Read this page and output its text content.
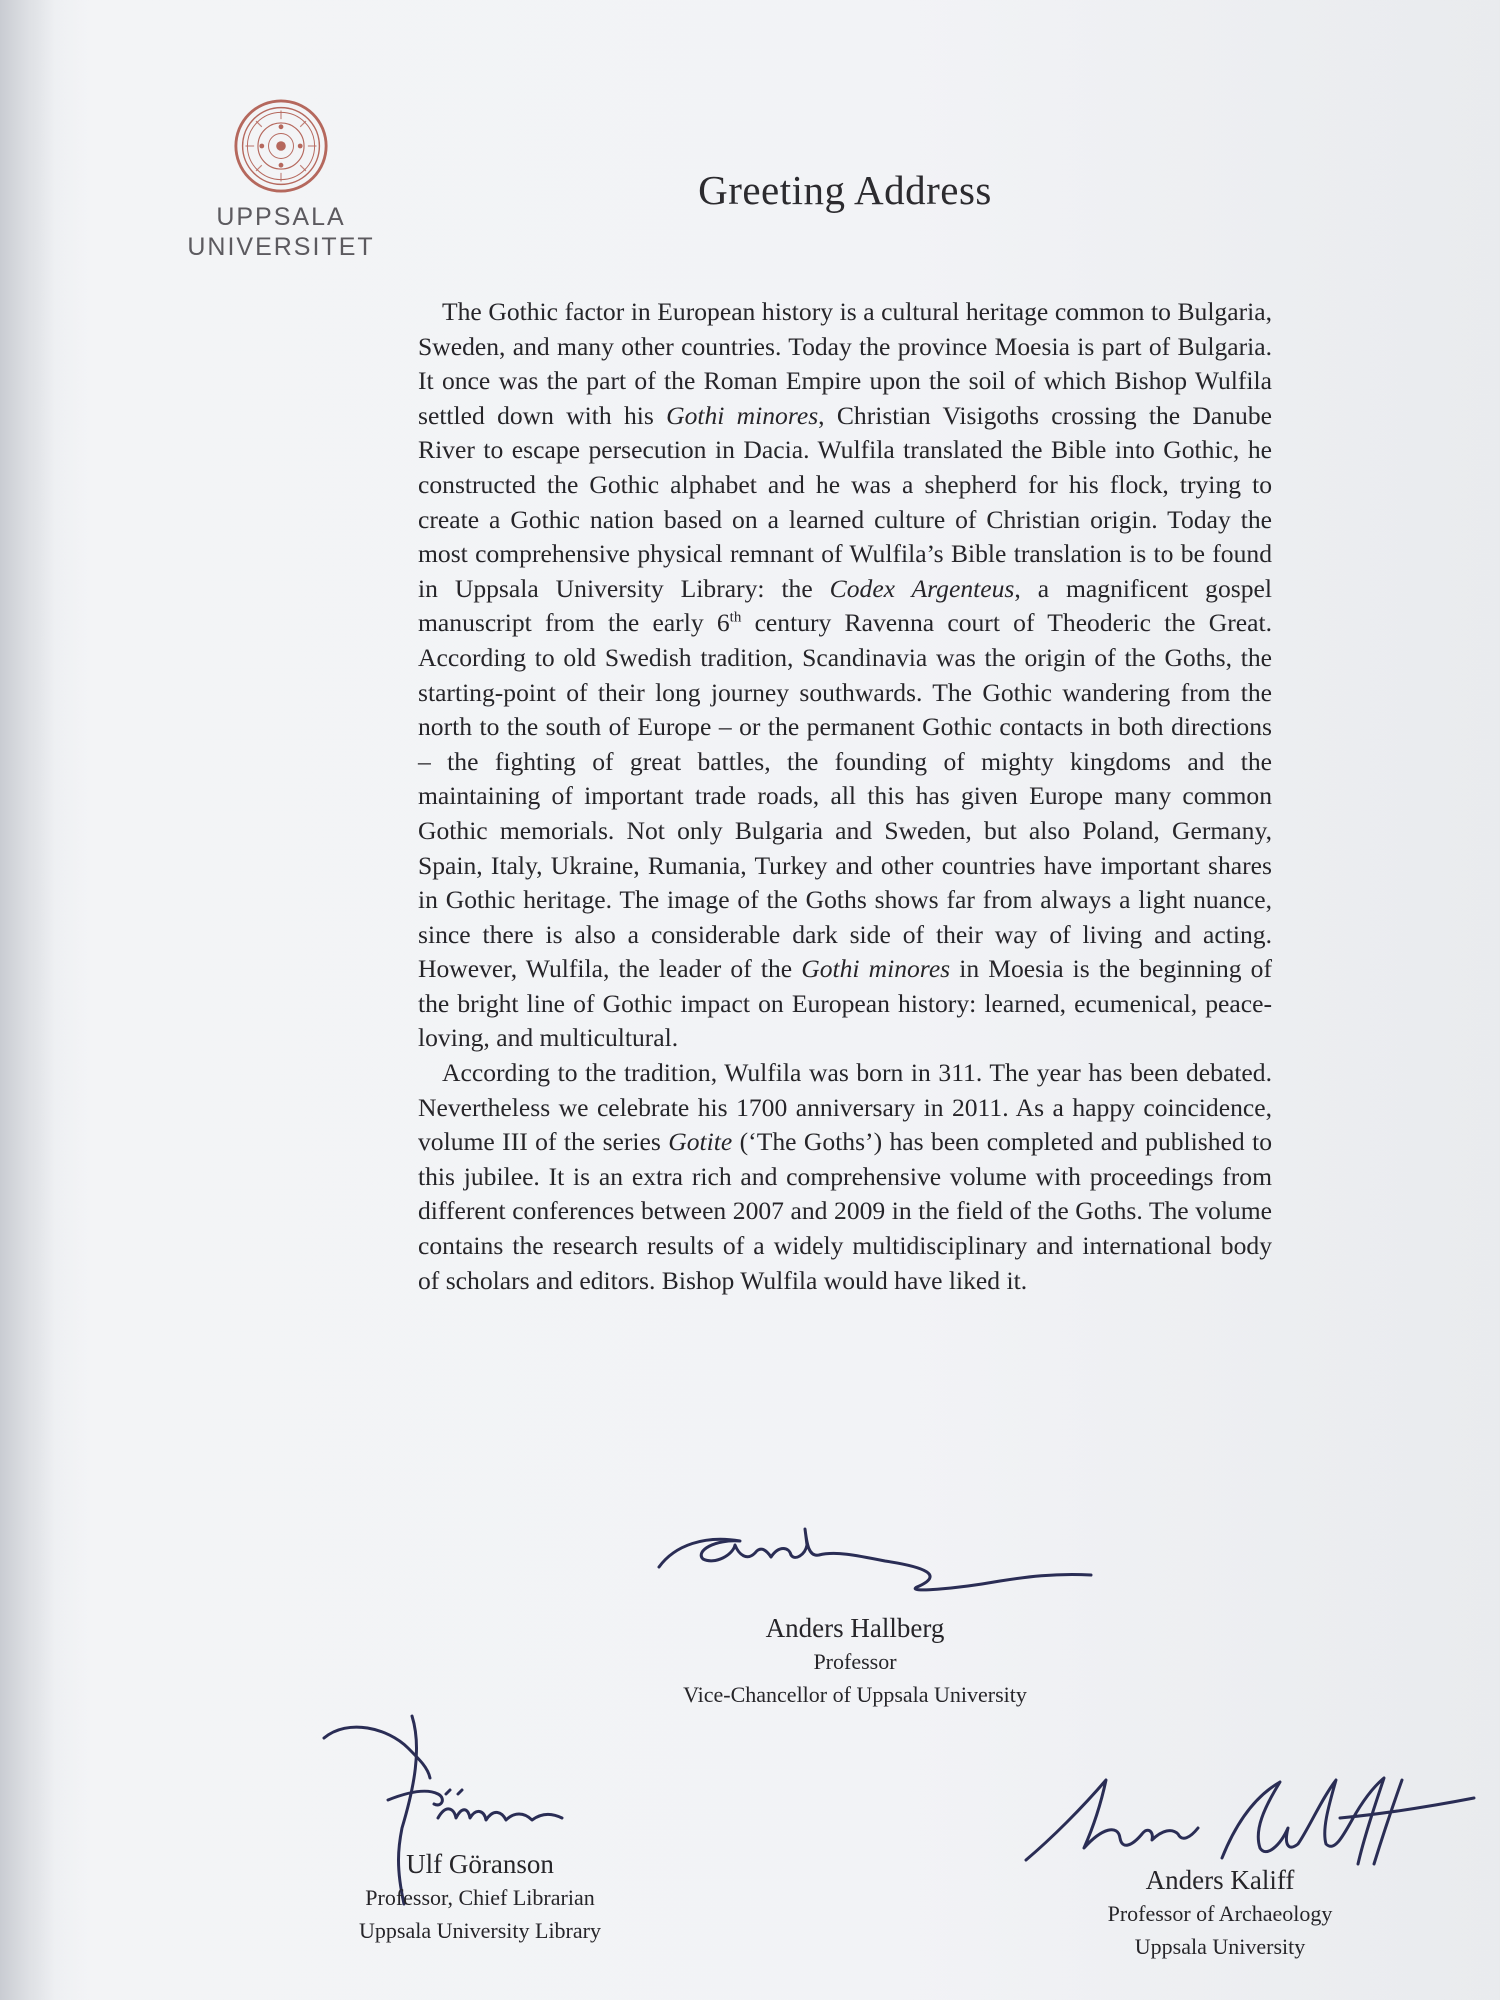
UPPSALA
UNIVERSITET
Greeting Address

The Gothic factor in European history is a cultural heritage common to Bulgaria, Sweden, and many other countries. Today the province Moesia is part of Bulgaria. It once was the part of the Roman Empire upon the soil of which Bishop Wulfila settled down with his Gothi minores, Christian Visigoths crossing the Danube River to escape persecution in Dacia. Wulfila translated the Bible into Gothic, he constructed the Gothic alphabet and he was a shepherd for his flock, trying to create a Gothic nation based on a learned culture of Christian origin. Today the most comprehensive physical remnant of Wulfila’s Bible translation is to be found in Uppsala University Library: the Codex Argenteus, a magnificent gospel manuscript from the early 6th century Ravenna court of Theoderic the Great. According to old Swedish tradition, Scandinavia was the origin of the Goths, the starting-point of their long journey southwards. The Gothic wandering from the north to the south of Europe – or the permanent Gothic contacts in both directions – the fighting of great battles, the founding of mighty kingdoms and the maintaining of important trade roads, all this has given Europe many common Gothic memorials. Not only Bulgaria and Sweden, but also Poland, Germany, Spain, Italy, Ukraine, Rumania, Turkey and other countries have important shares in Gothic heritage. The image of the Goths shows far from always a light nuance, since there is also a considerable dark side of their way of living and acting. However, Wulfila, the leader of the Gothi minores in Moesia is the beginning of the bright line of Gothic impact on European history: learned, ecumenical, peace-loving, and multicultural.

According to the tradition, Wulfila was born in 311. The year has been debated. Nevertheless we celebrate his 1700 anniversary in 2011. As a happy coincidence, volume III of the series Gotite (‘The Goths’) has been completed and published to this jubilee. It is an extra rich and comprehensive volume with proceedings from different conferences between 2007 and 2009 in the field of the Goths. The volume contains the research results of a widely multidisciplinary and international body of scholars and editors. Bishop Wulfila would have liked it.

Anders Hallberg
Professor
Vice-Chancellor of Uppsala University
Ulf Göranson
Professor, Chief Librarian
Uppsala University Library
Anders Kaliff
Professor of Archaeology
Uppsala University
